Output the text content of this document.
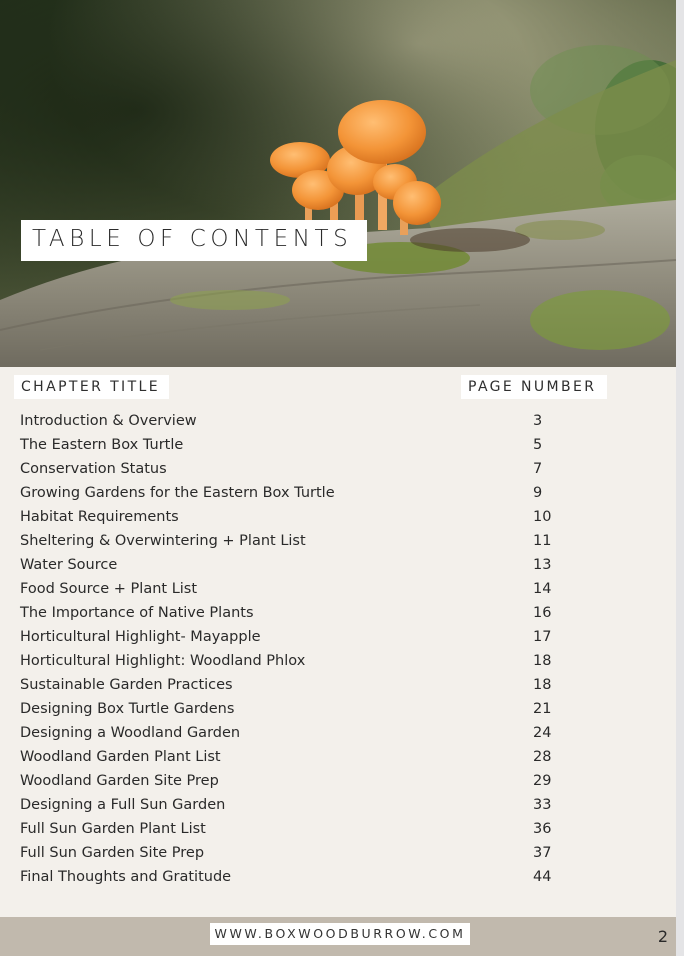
TABLE OF CONTENTS
CHAPTER TITLE	PAGE NUMBER
Introduction & Overview	3
The Eastern Box Turtle	5
Conservation Status	7
Growing Gardens for the Eastern Box Turtle	9
Habitat Requirements	10
Sheltering & Overwintering + Plant List	11
Water Source	13
Food Source + Plant List	14
The Importance of Native Plants	16
Horticultural Highlight- Mayapple	17
Horticultural Highlight: Woodland Phlox	18
Sustainable Garden Practices	18
Designing Box Turtle Gardens	21
Designing a Woodland Garden	24
Woodland Garden Plant List	28
Woodland Garden Site Prep	29
Designing a Full Sun Garden	33
Full Sun Garden Plant List	36
Full Sun Garden Site Prep	37
Final Thoughts and Gratitude	44
WWW.BOXWOODBURROW.COM	2
